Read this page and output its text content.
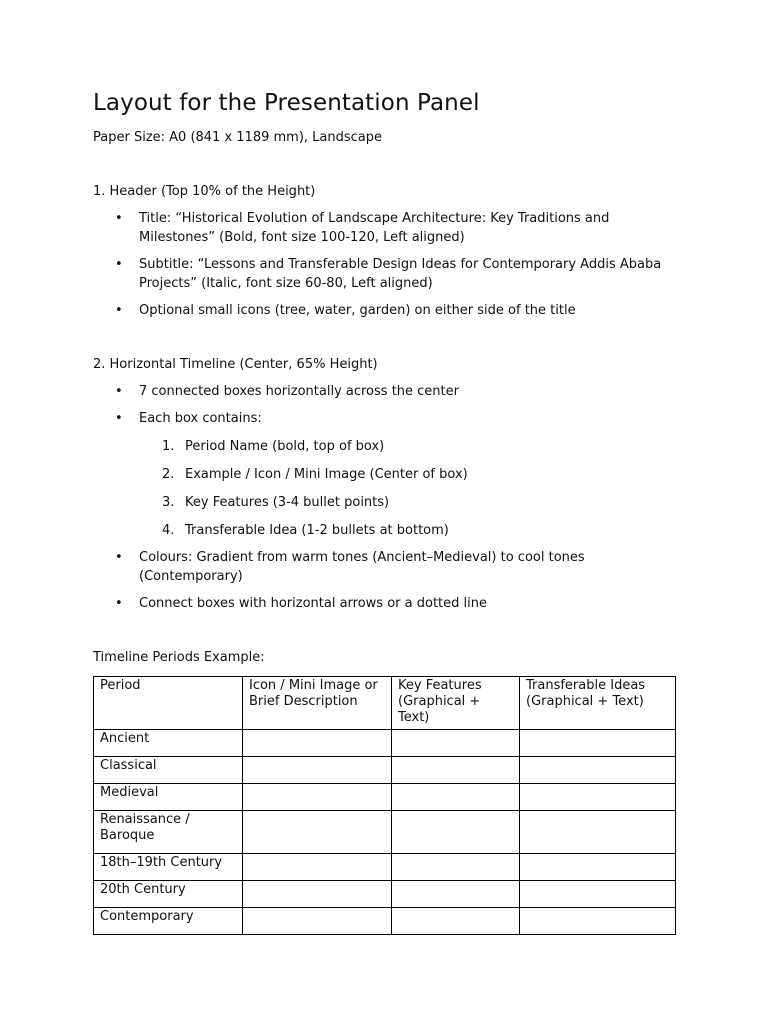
Layout for the Presentation Panel

Paper Size: A0 (841 x 1189 mm), Landscape

1. Header (Top 10% of the Height)

• Title: “Historical Evolution of Landscape Architecture: Key Traditions and Milestones” (Bold, font size 100-120, Left aligned)
• Subtitle: “Lessons and Transferable Design Ideas for Contemporary Addis Ababa Projects” (Italic, font size 60-80, Left aligned)
• Optional small icons (tree, water, garden) on either side of the title

2. Horizontal Timeline (Center, 65% Height)

• 7 connected boxes horizontally across the center
• Each box contains:
1. Period Name (bold, top of box)
2. Example / Icon / Mini Image (Center of box)
3. Key Features (3-4 bullet points)
4. Transferable Idea (1-2 bullets at bottom)
• Colours: Gradient from warm tones (Ancient–Medieval) to cool tones (Contemporary)
• Connect boxes with horizontal arrows or a dotted line

Timeline Periods Example:

Period	Icon / Mini Image or Brief Description	Key Features (Graphical + Text)	Transferable Ideas (Graphical + Text)
Ancient			
Classical			
Medieval			
Renaissance / Baroque			
18th–19th Century			
20th Century			
Contemporary			
